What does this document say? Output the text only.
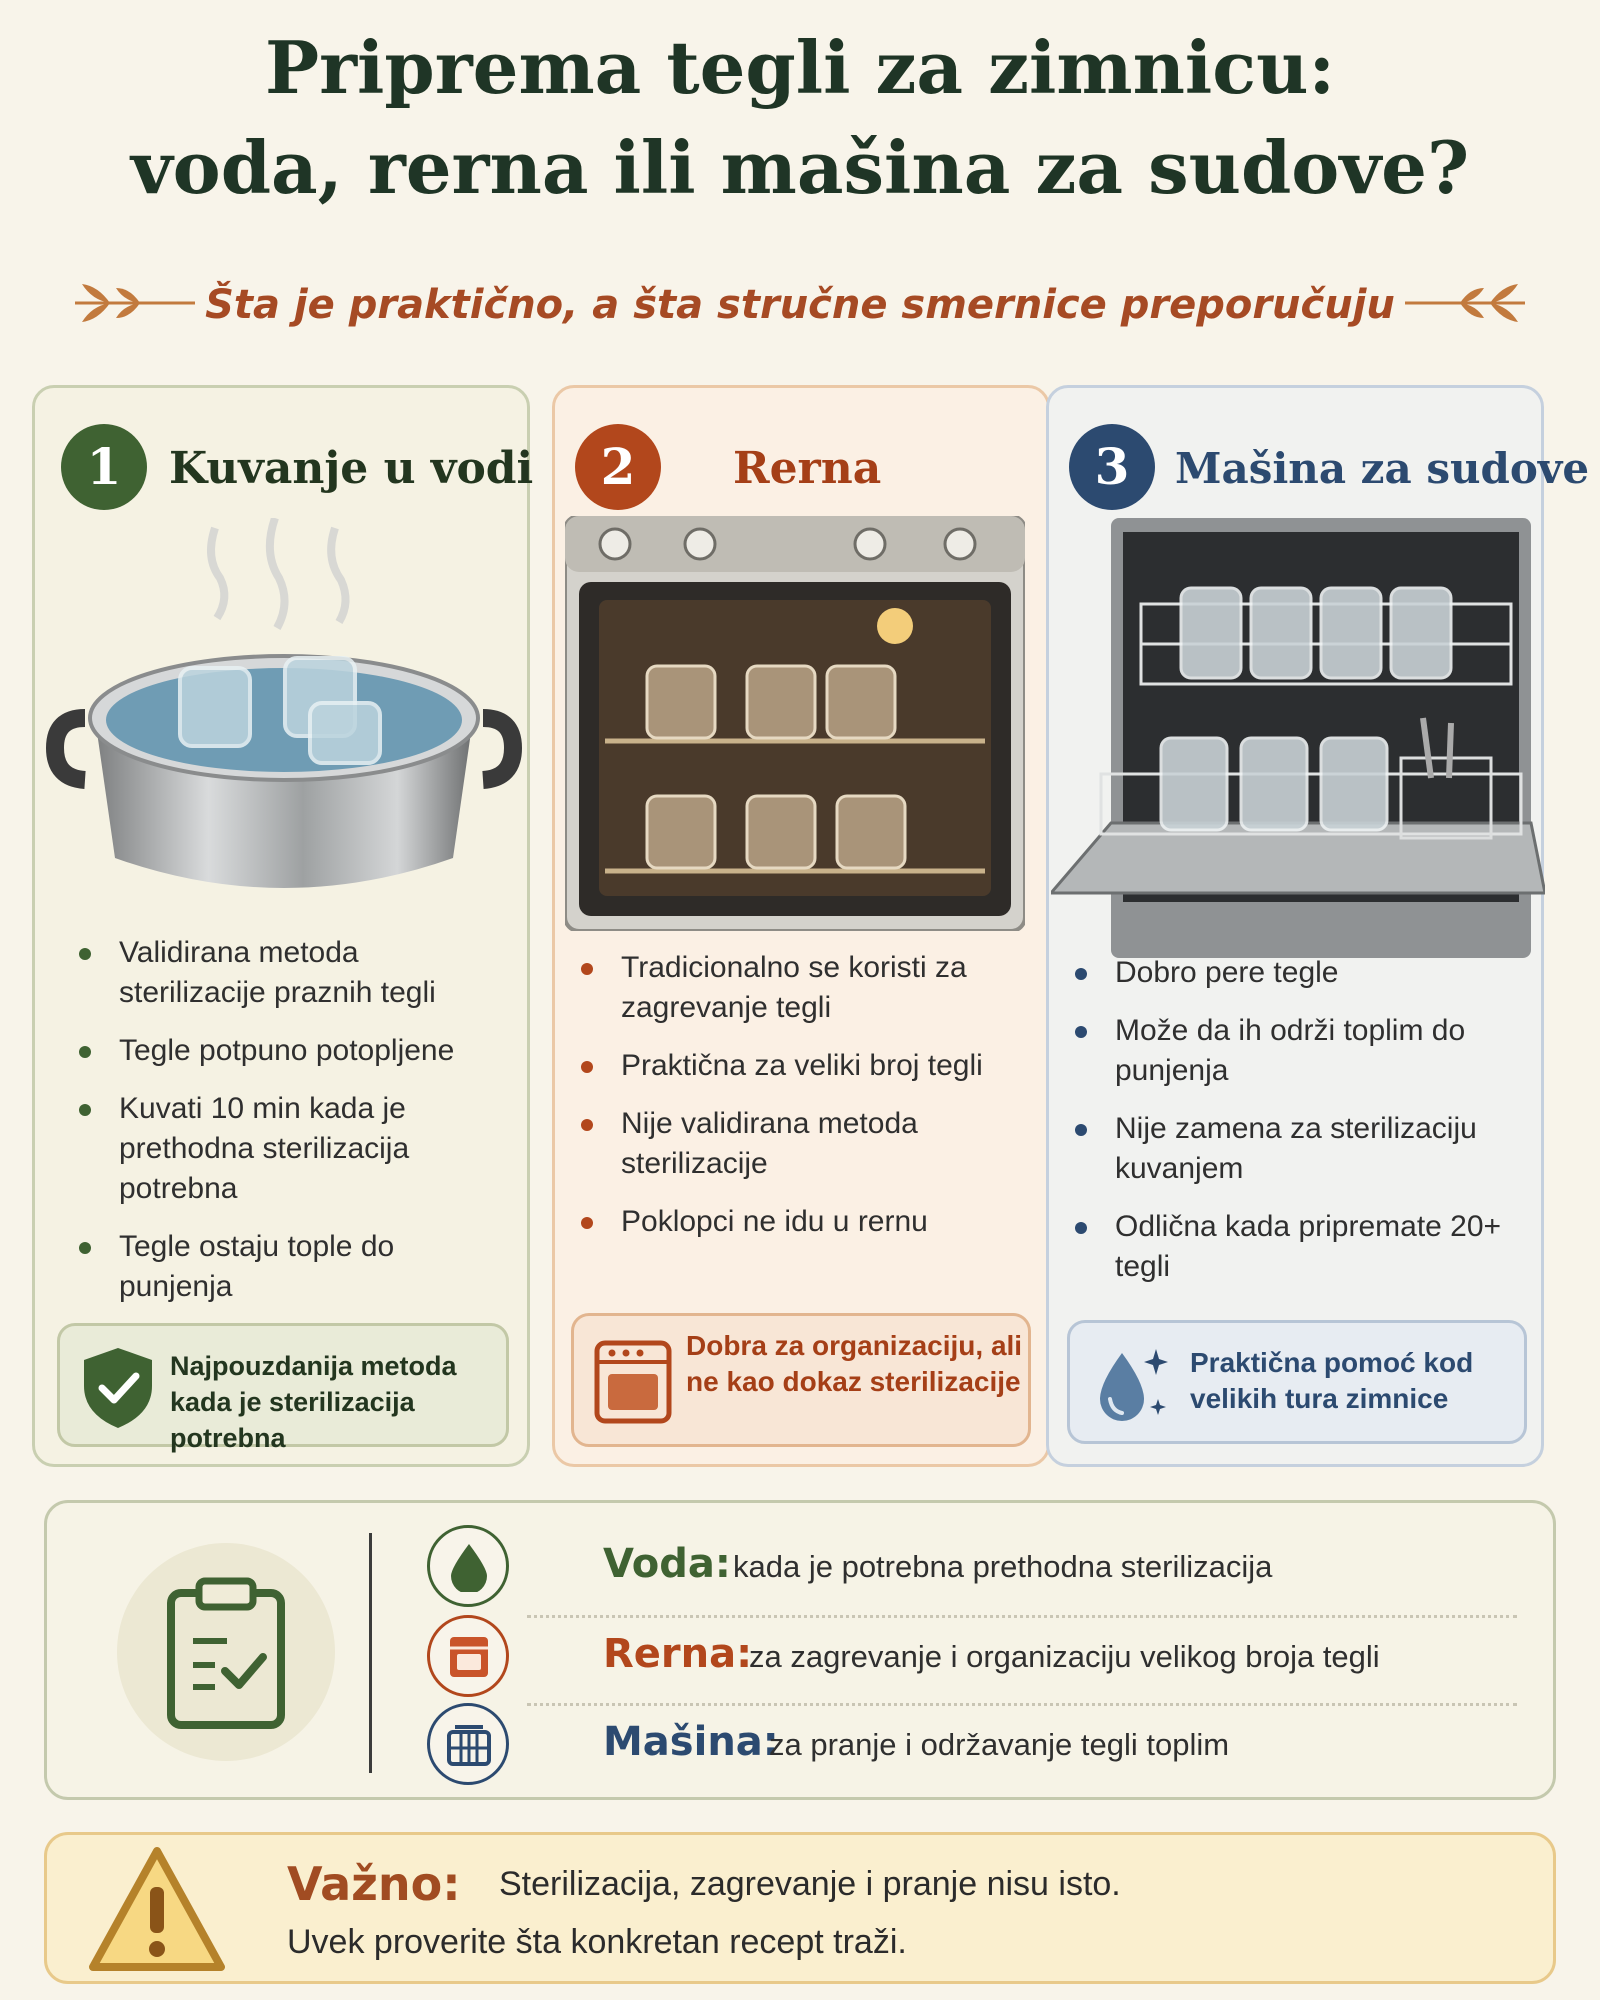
Priprema tegli za zimnicu:
voda, rerna ili mašina za sudove?
Šta je praktično, a šta stručne smernice preporučuju
1	Kuvanje u vodi
Validirana metoda sterilizacije praznih tegli
Tegle potpuno potopljene
Kuvati 10 min kada je prethodna sterilizacija potrebna
Tegle ostaju tople do punjenja
Najpouzdanija metoda kada je sterilizacija potrebna
2	Rerna
Tradicionalno se koristi za zagrevanje tegli
Praktična za veliki broj tegli
Nije validirana metoda sterilizacije
Poklopci ne idu u rernu
Dobra za organizaciju, ali ne kao dokaz sterilizacije
3	Mašina za sudove
Dobro pere tegle
Može da ih održi toplim do punjenja
Nije zamena za sterilizaciju kuvanjem
Odlična kada pripremate 20+ tegli
Praktična pomoć kod velikih tura zimnice
Voda: kada je potrebna prethodna sterilizacija
Rerna:
za zagrevanje i organizaciju velikog broja tegli
Mašina:
za pranje i održavanje tegli toplim
Važno: Sterilizacija, zagrevanje i pranje nisu isto.
Uvek proverite šta konkretan recept traži.
